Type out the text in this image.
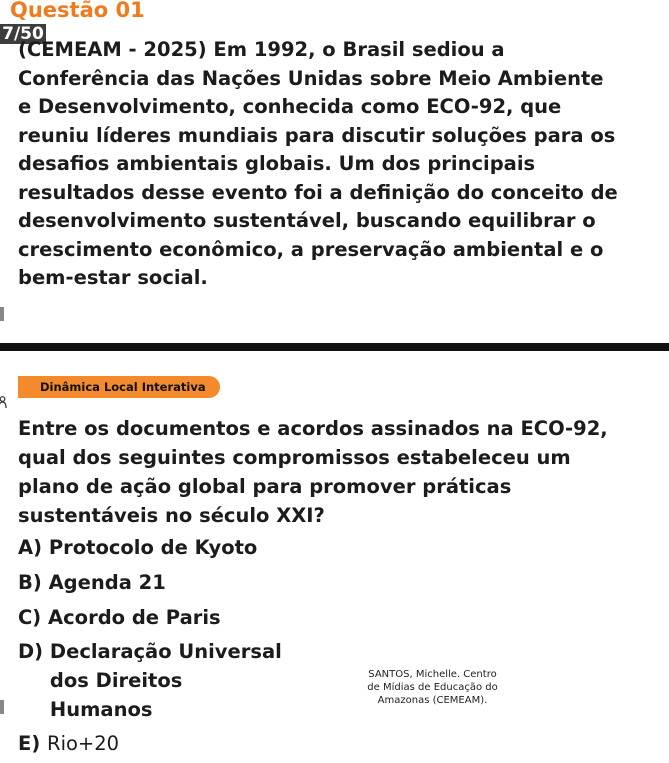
Questão 01
7/50
(CEMEAM - 2025) Em 1992, o Brasil sediou a Conferência das Nações Unidas sobre Meio Ambiente e Desenvolvimento, conhecida como ECO-92, que reuniu líderes mundiais para discutir soluções para os desafios ambientais globais. Um dos principais resultados desse evento foi a definição do conceito de desenvolvimento sustentável, buscando equilibrar o crescimento econômico, a preservação ambiental e o bem-estar social.
Dinâmica Local Interativa
Entre os documentos e acordos assinados na ECO-92, qual dos seguintes compromissos estabeleceu um plano de ação global para promover práticas sustentáveis no século XXI?
A) Protocolo de Kyoto
B) Agenda 21
C) Acordo de Paris
D) Declaração Universal dos Direitos Humanos
E) Rio+20
SANTOS, Michelle. Centro
de Mídias de Educação do
Amazonas (CEMEAM).
